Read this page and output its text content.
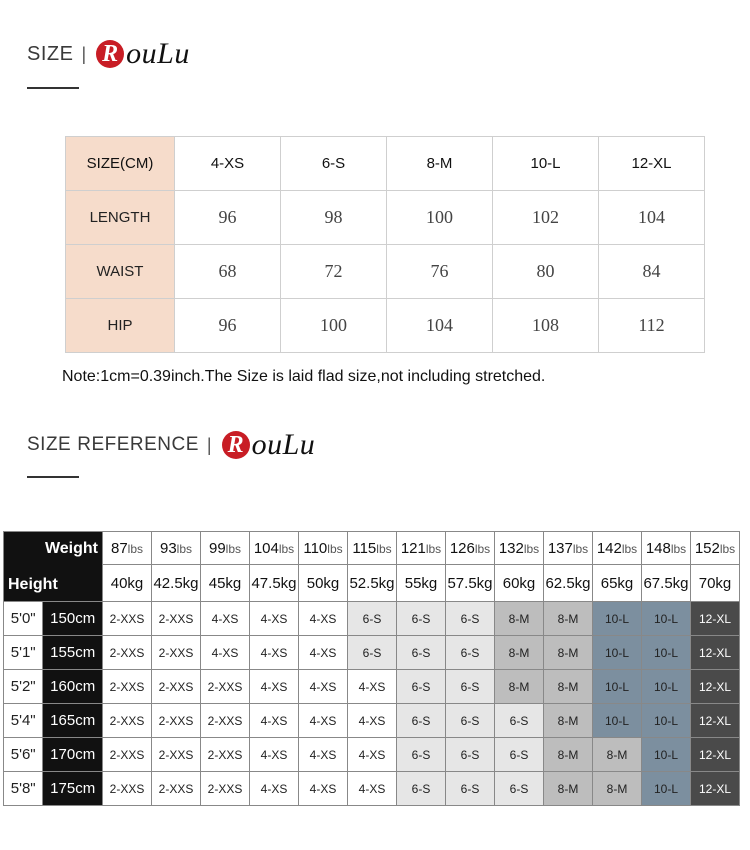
SIZE | R ouLu
SIZE(CM)	4-XS	6-S	8-M	10-L	12-XL
LENGTH	96	98	100	102	104
WAIST	68	72	76	80	84
HIP	96	100	104	108	112
Note:1cm=0.39inch.The Size is laid flad size,not including stretched.
SIZE REFERENCE | R ouLu
Weight
Height		87lbs	93lbs	99lbs	104lbs	110lbs	115lbs	121lbs	126lbs	132lbs	137lbs	142lbs	148lbs	152lbs
		40kg	42.5kg	45kg	47.5kg	50kg	52.5kg	55kg	57.5kg	60kg	62.5kg	65kg	67.5kg	70kg
5'0"	150cm	2-XXS	2-XXS	4-XS	4-XS	4-XS	6-S	6-S	6-S	8-M	8-M	10-L	10-L	12-XL
5'1"	155cm	2-XXS	2-XXS	4-XS	4-XS	4-XS	6-S	6-S	6-S	8-M	8-M	10-L	10-L	12-XL
5'2"	160cm	2-XXS	2-XXS	2-XXS	4-XS	4-XS	4-XS	6-S	6-S	8-M	8-M	10-L	10-L	12-XL
5'4"	165cm	2-XXS	2-XXS	2-XXS	4-XS	4-XS	4-XS	6-S	6-S	6-S	8-M	10-L	10-L	12-XL
5'6"	170cm	2-XXS	2-XXS	2-XXS	4-XS	4-XS	4-XS	6-S	6-S	6-S	8-M	8-M	10-L	12-XL
5'8"	175cm	2-XXS	2-XXS	2-XXS	4-XS	4-XS	4-XS	6-S	6-S	6-S	8-M	8-M	10-L	12-XL
